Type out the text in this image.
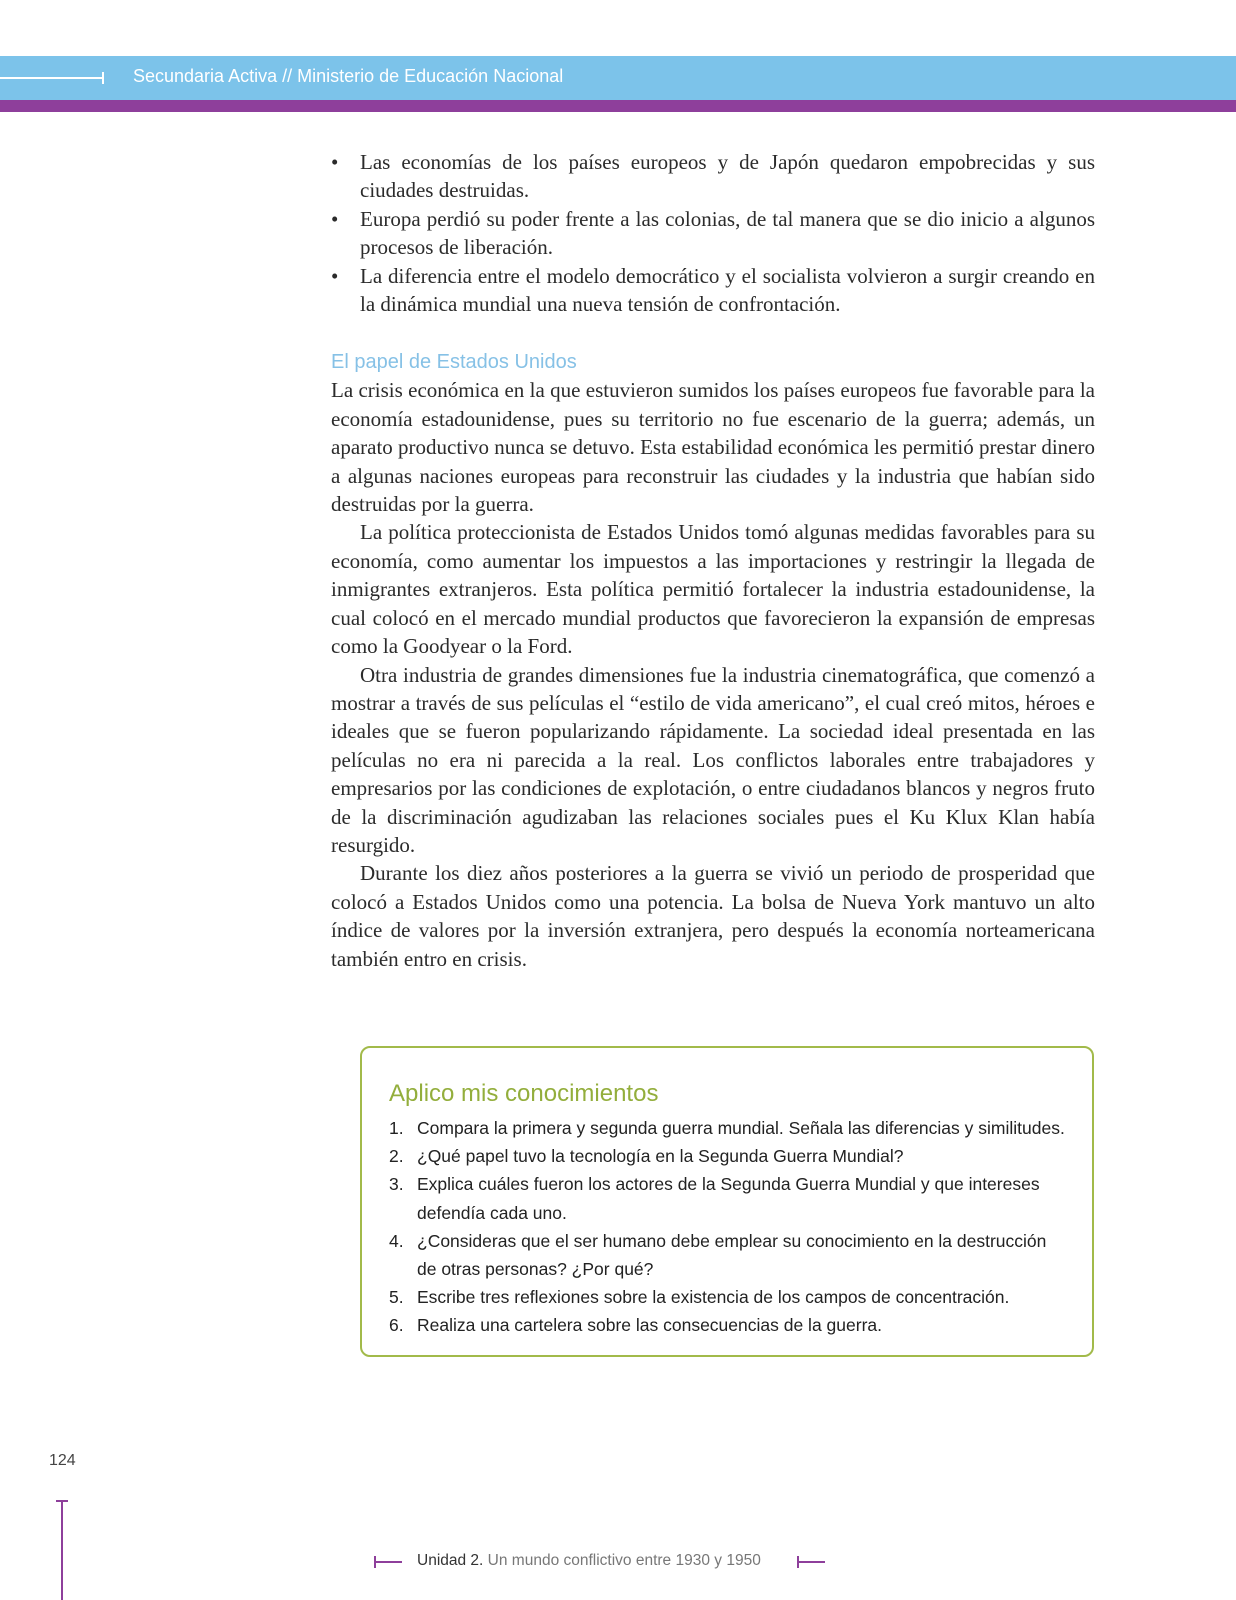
Secundaria Activa // Ministerio de Educación Nacional
• Las economías de los países europeos y de Japón quedaron empobrecidas y sus ciudades destruidas.
• Europa perdió su poder frente a las colonias, de tal manera que se dio inicio a algunos procesos de liberación.
• La diferencia entre el modelo democrático y el socialista volvieron a surgir creando en la dinámica mundial una nueva tensión de confrontación.
El papel de Estados Unidos

La crisis económica en la que estuvieron sumidos los países europeos fue favorable para la economía estadounidense, pues su territorio no fue escenario de la guerra; además, un aparato productivo nunca se detuvo. Esta estabilidad económica les permitió prestar dinero a algunas naciones europeas para reconstruir las ciudades y la industria que habían sido destruidas por la guerra.

La política proteccionista de Estados Unidos tomó algunas medidas favorables para su economía, como aumentar los impuestos a las importaciones y restringir la llegada de inmigrantes extranjeros. Esta política permitió fortalecer la industria estadounidense, la cual colocó en el mercado mundial productos que favorecieron la expansión de empresas como la Goodyear o la Ford.

Otra industria de grandes dimensiones fue la industria cinematográfica, que comenzó a mostrar a través de sus películas el “estilo de vida americano”, el cual creó mitos, héroes e ideales que se fueron popularizando rápidamente. La sociedad ideal presentada en las películas no era ni parecida a la real. Los conflictos laborales entre trabajadores y empresarios por las condiciones de explotación, o entre ciudadanos blancos y negros fruto de la discriminación agudizaban las relaciones sociales pues el Ku Klux Klan había resurgido.

Durante los diez años posteriores a la guerra se vivió un periodo de prosperidad que colocó a Estados Unidos como una potencia. La bolsa de Nueva York mantuvo un alto índice de valores por la inversión extranjera, pero después la economía norteamericana también entro en crisis.

Aplico mis conocimientos
1. Compara la primera y segunda guerra mundial. Señala las diferencias y similitudes.
2. ¿Qué papel tuvo la tecnología en la Segunda Guerra Mundial?
3. Explica cuáles fueron los actores de la Segunda Guerra Mundial y que intereses defendía cada uno.
4. ¿Consideras que el ser humano debe emplear su conocimiento en la destrucción de otras personas? ¿Por qué?
5. Escribe tres reflexiones sobre la existencia de los campos de concentración.
6. Realiza una cartelera sobre las consecuencias de la guerra.
124
Unidad 2. Un mundo conflictivo entre 1930 y 1950
